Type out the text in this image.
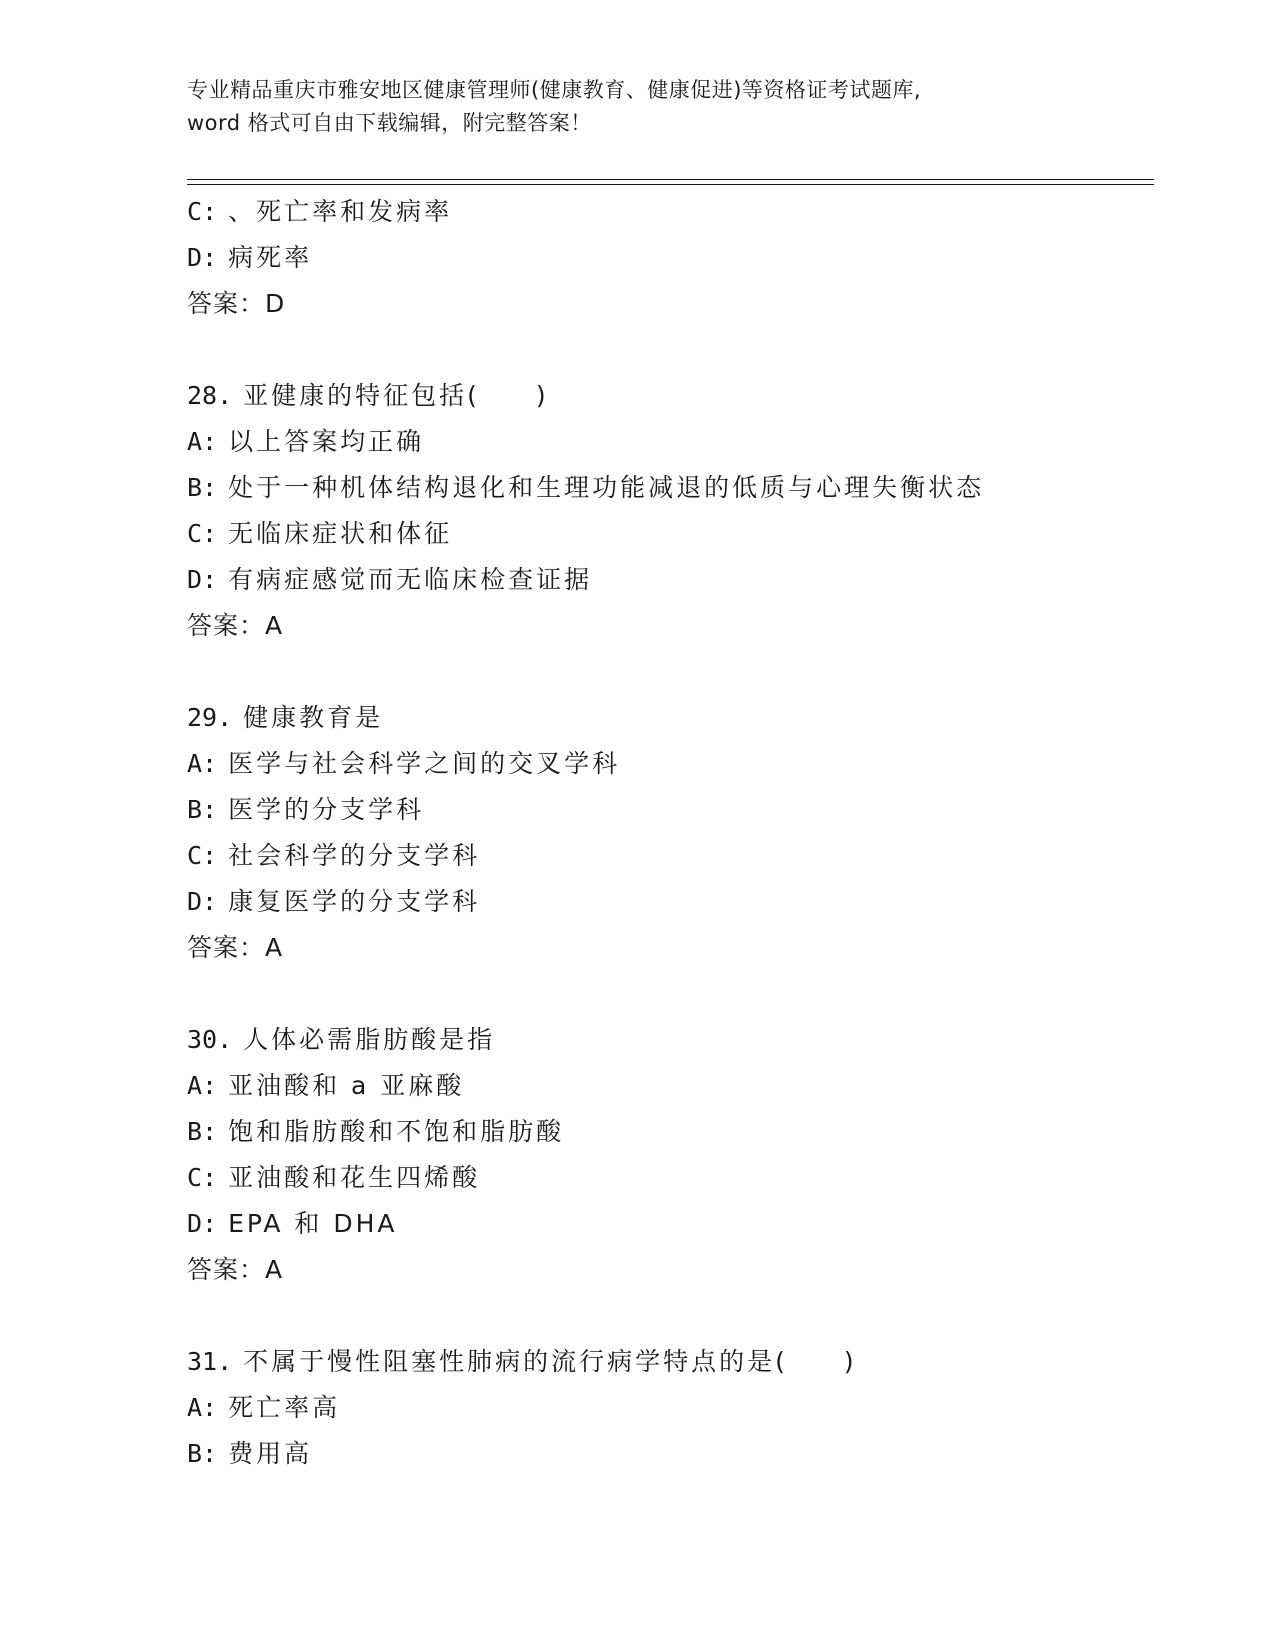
专业精品重庆市雅安地区健康管理师(健康教育、健康促进)等资格证考试题库,
word 格式可自由下载编辑，附完整答案！
C: 、死亡率和发病率
D: 病死率
答案：D
28. 亚健康的特征包括(　　)
A: 以上答案均正确
B: 处于一种机体结构退化和生理功能减退的低质与心理失衡状态
C: 无临床症状和体征
D: 有病症感觉而无临床检查证据
答案：A
29. 健康教育是
A: 医学与社会科学之间的交叉学科
B: 医学的分支学科
C: 社会科学的分支学科
D: 康复医学的分支学科
答案：A
30. 人体必需脂肪酸是指
A: 亚油酸和 a 亚麻酸
B: 饱和脂肪酸和不饱和脂肪酸
C: 亚油酸和花生四烯酸
D: EPA 和 DHA
答案：A
31. 不属于慢性阻塞性肺病的流行病学特点的是(　　)
A: 死亡率高
B: 费用高
